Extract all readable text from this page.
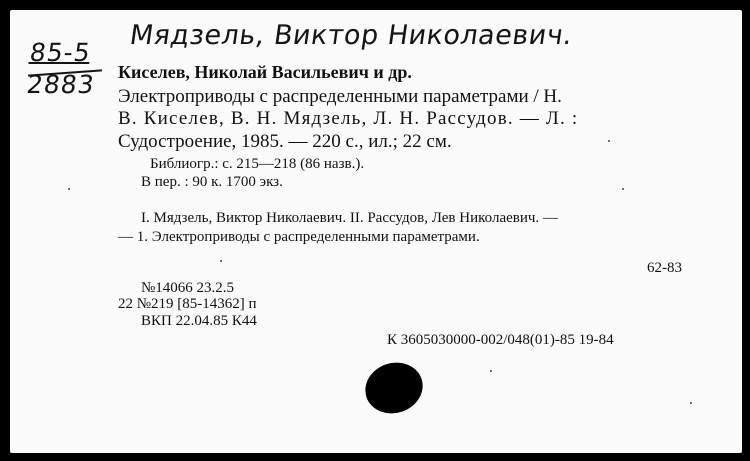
Мядзель, Виктор Николаевич.
85-5
2883 Киселев, Николай Васильевич и др.
Электроприводы с распределенными параметрами / Н.
В. Киселев, В. Н. Мядзель, Л. Н. Рассудов. — Л. :
Судостроение, 1985. — 220 с., ил.; 22 см.
Библиогр.: с. 215—218 (86 назв.).
В пер. : 90 к. 1700 экз.
I. Мядзель, Виктор Николаевич. II. Рассудов, Лев Николаевич. —
— 1. Электроприводы с распределенными параметрами.
62-83
№14066 23.2.5
22 №219 [85-14362] п
ВКП 22.04.85 К44
К 3605030000-002/048(01)-85 19-84
